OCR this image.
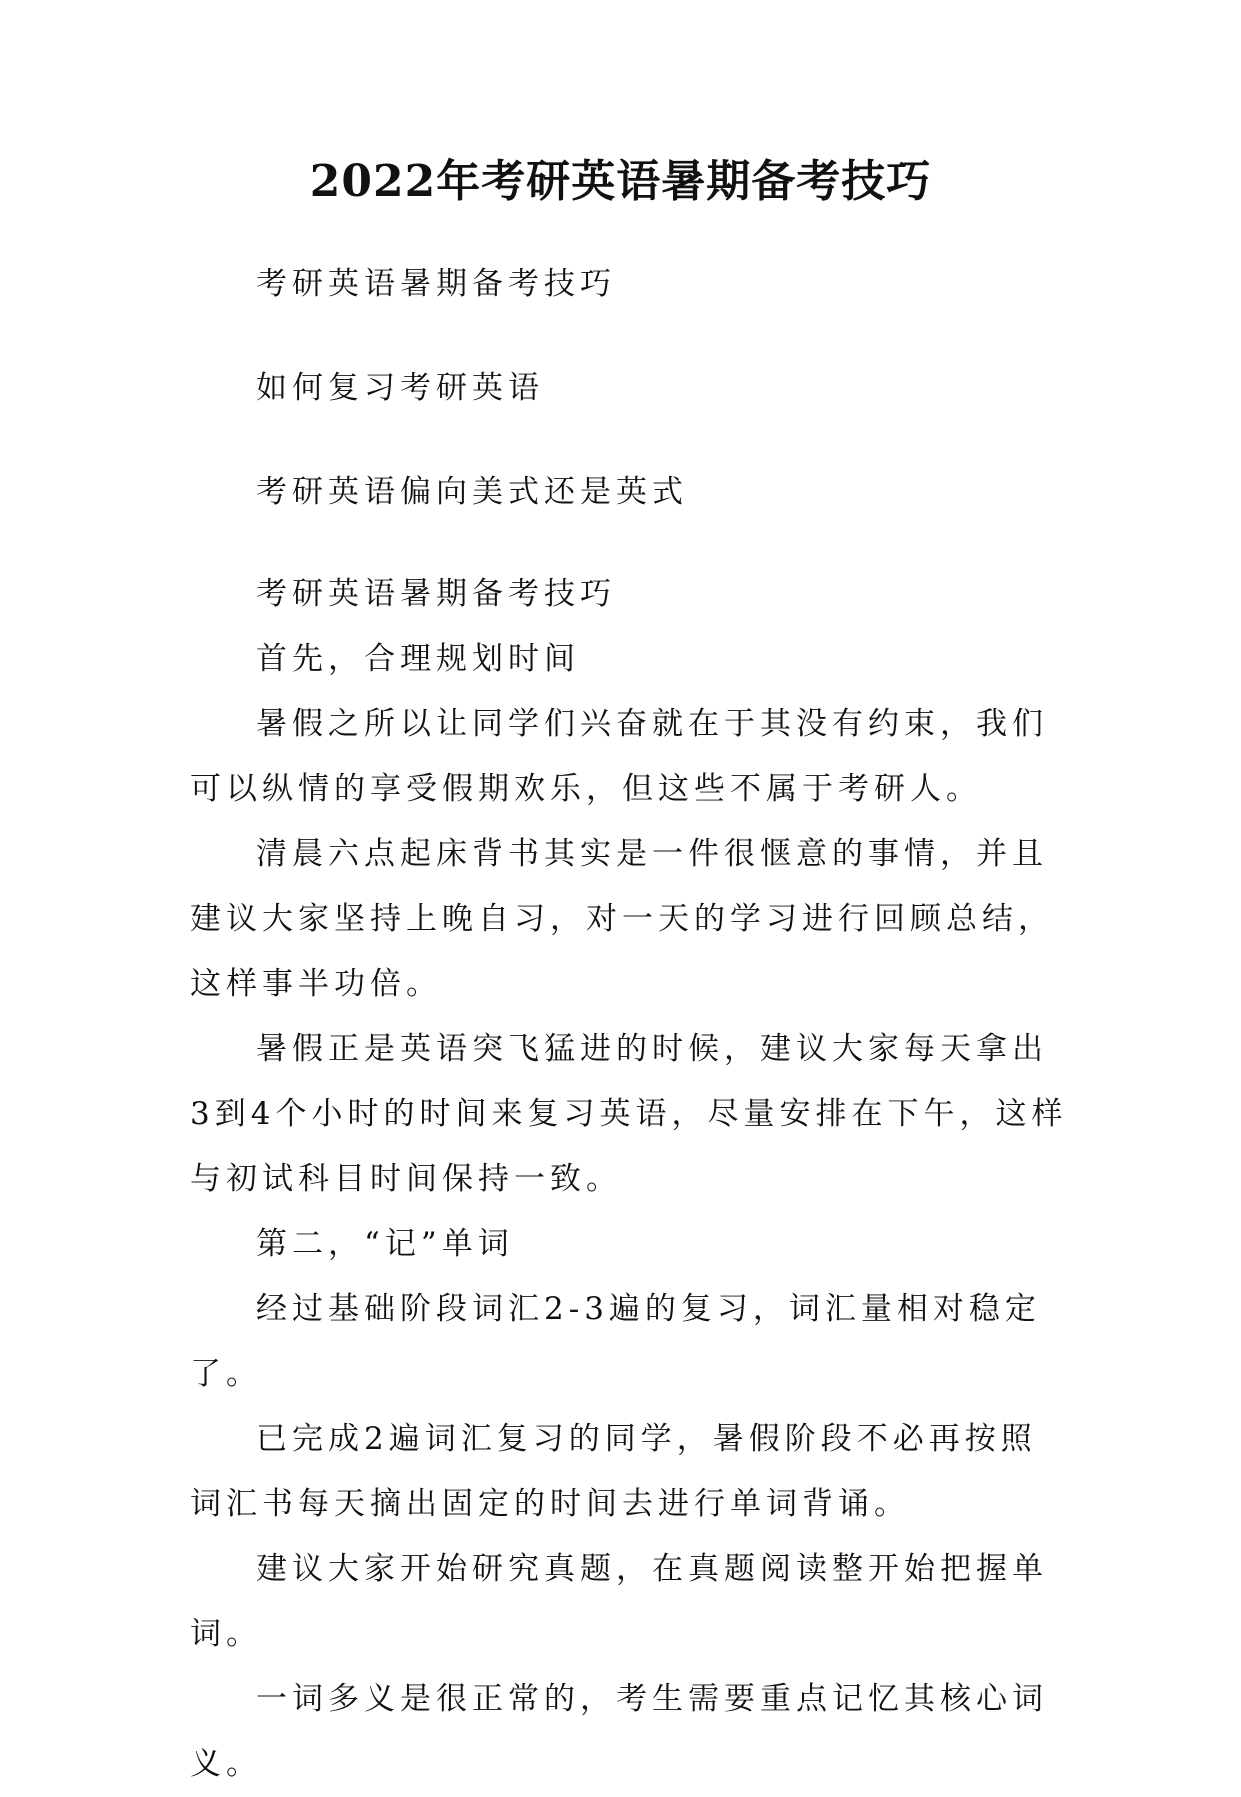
2022年考研英语暑期备考技巧

考研英语暑期备考技巧

如何复习考研英语

考研英语偏向美式还是英式

考研英语暑期备考技巧

首先，合理规划时间

暑假之所以让同学们兴奋就在于其没有约束，我们可以纵情的享受假期欢乐，但这些不属于考研人。

清晨六点起床背书其实是一件很惬意的事情，并且建议大家坚持上晚自习，对一天的学习进行回顾总结，这样事半功倍。

暑假正是英语突飞猛进的时候，建议大家每天拿出3到4个小时的时间来复习英语，尽量安排在下午，这样与初试科目时间保持一致。

第二，“记”单词

经过基础阶段词汇2-3遍的复习，词汇量相对稳定了。

已完成2遍词汇复习的同学，暑假阶段不必再按照词汇书每天摘出固定的时间去进行单词背诵。

建议大家开始研究真题，在真题阅读整开始把握单词。

一词多义是很正常的，考生需要重点记忆其核心词义。
